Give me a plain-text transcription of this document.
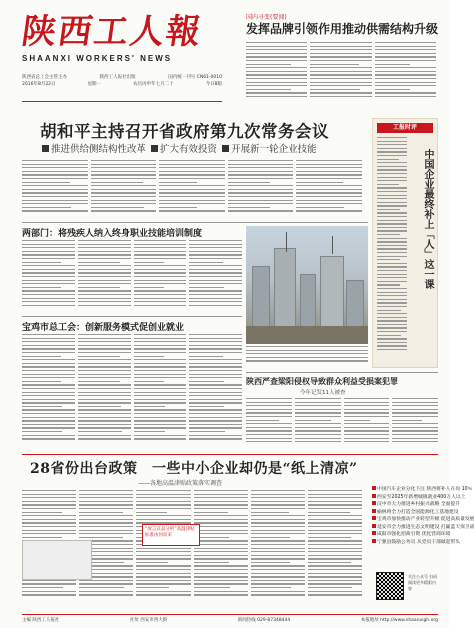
陕西工人報
SHAANXI WORKERS' NEWS
陕西省总工会主管主办	陕西工人报社出版	国内统一刊号 CN61-0010
2016年8月22日	星期一	农历丙申年七月二十	今日8版
国内寻变(要闻)
发挥品牌引领作用推动供需结构升级
胡和平主持召开省政府第九次常务会议
推进供给侧结构性改革 扩大有效投资 开展新一轮企业技能
工报时评
中国企业最终补上「人」这一课
两部门：将残疾人纳入终身职业技能培训制度
宝鸡市总工会：创新服务模式促创业就业
陕西严查梁阳侵权导致群众利益受损案犯罪
今年记发11人被查
28省份出台政策　一些中小企业却仍是“纸上清凉”
——各地高温津贴政策落实调查
“放言议品分析”高温津贴标准由何而来
中国汽车企业分化下注 陕西将补人在岗 10％
西安至2025年新增城镇就业400万人以上
汉中市大力推进乡村振兴战略 全面提升
榆林将全力打造全国能源化工基地建设
宝鸡市加快推动产业转型升级 促进高质量发展
延安市全力推进生态文明建设 打赢蓝天保卫战
咸阳市强化招商引资 优化营商环境
宁强县鼓励公务员 从党员干部做起带头
关注公众号 扫码阅读更多精彩内容
主编 陕西工人报社	社址 西安市西大街	新闻热线 029-87348444	本报地址 http://www.shaanxigh.org
